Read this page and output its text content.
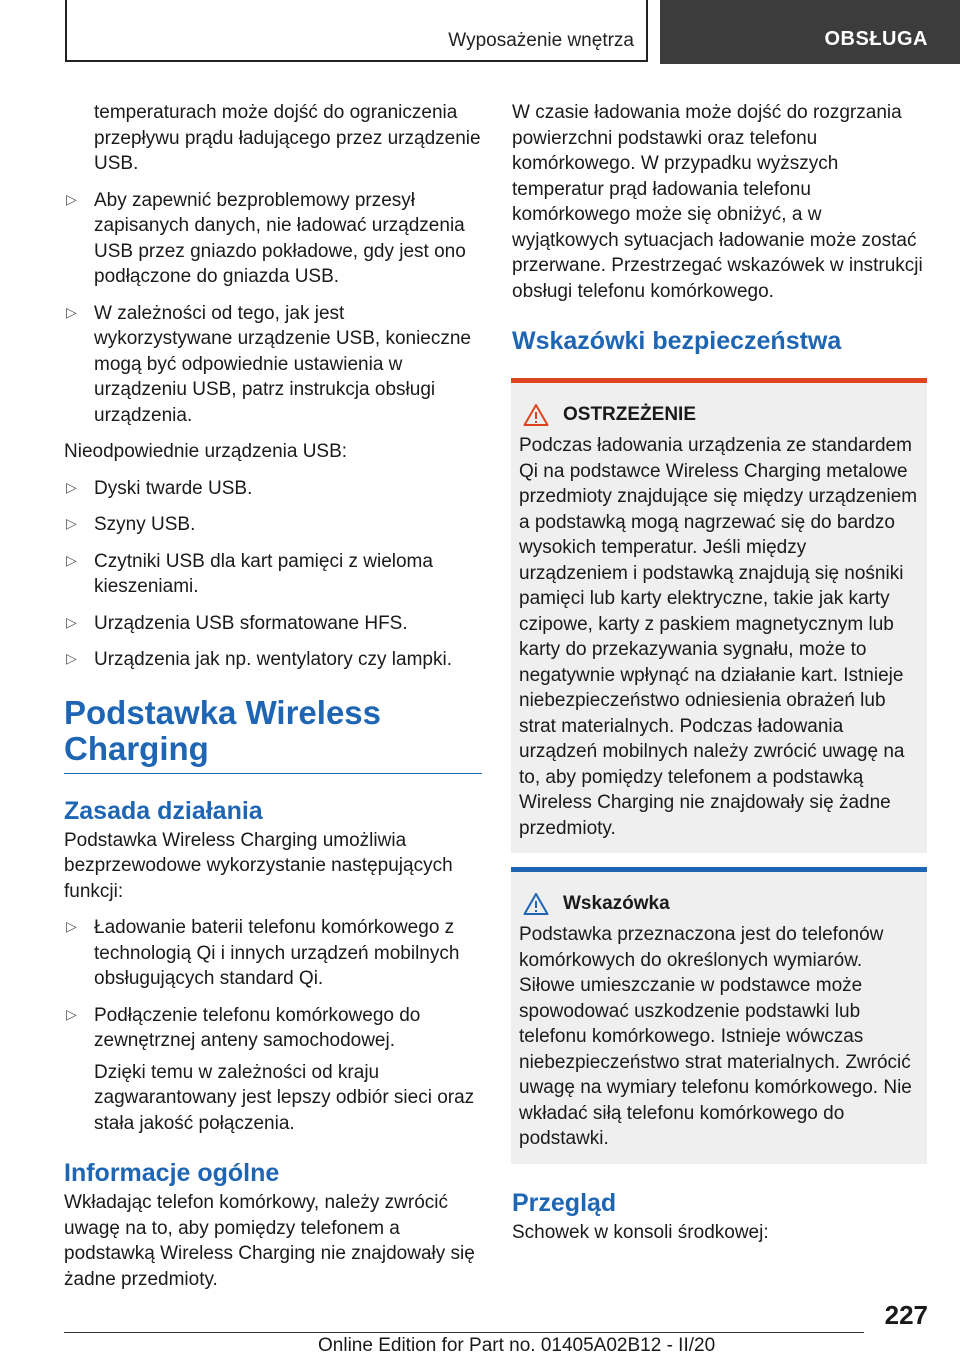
Wyposażenie wnętrza	OBSŁUGA

temperaturach może dojść do ograniczenia przepływu prądu ładującego przez urządzenie USB.

▷ Aby zapewnić bezproblemowy przesył zapisanych danych, nie ładować urządzenia USB przez gniazdo pokładowe, gdy jest ono podłączone do gniazda USB.

▷ W zależności od tego, jak jest wykorzystywane urządzenie USB, konieczne mogą być odpowiednie ustawienia w urządzeniu USB, patrz instrukcja obsługi urządzenia.

Nieodpowiednie urządzenia USB:

▷ Dyski twarde USB.

▷ Szyny USB.

▷ Czytniki USB dla kart pamięci z wieloma kieszeniami.

▷ Urządzenia USB sformatowane HFS.

▷ Urządzenia jak np. wentylatory czy lampki.

Podstawka Wireless Charging
Zasada działania

Podstawka Wireless Charging umożliwia bezprzewodowe wykorzystanie następujących funkcji:

▷ Ładowanie baterii telefonu komórkowego z technologią Qi i innych urządzeń mobilnych obsługujących standard Qi.

▷ Podłączenie telefonu komórkowego do zewnętrznej anteny samochodowej.

Dzięki temu w zależności od kraju zagwarantowany jest lepszy odbiór sieci oraz stała jakość połączenia.

Informacje ogólne

Wkładając telefon komórkowy, należy zwrócić uwagę na to, aby pomiędzy telefonem a podstawką Wireless Charging nie znajdowały się żadne przedmioty.

W czasie ładowania może dojść do rozgrzania powierzchni podstawki oraz telefonu komórkowego. W przypadku wyższych temperatur prąd ładowania telefonu komórkowego może się obniżyć, a w wyjątkowych sytuacjach ładowanie może zostać przerwane. Przestrzegać wskazówek w instrukcji obsługi telefonu komórkowego.

Wskazówki bezpieczeństwa
OSTRZEŻENIE

Podczas ładowania urządzenia ze standardem Qi na podstawce Wireless Charging metalowe przedmioty znajdujące się między urządzeniem a podstawką mogą nagrzewać się do bardzo wysokich temperatur. Jeśli między urządzeniem i podstawką znajdują się nośniki pamięci lub karty elektryczne, takie jak karty czipowe, karty z paskiem magnetycznym lub karty do przekazywania sygnału, może to negatywnie wpłynąć na działanie kart. Istnieje niebezpieczeństwo odniesienia obrażeń lub strat materialnych. Podczas ładowania urządzeń mobilnych należy zwrócić uwagę na to, aby pomiędzy telefonem a podstawką Wireless Charging nie znajdowały się żadne przedmioty.

Wskazówka

Podstawka przeznaczona jest do telefonów komórkowych do określonych wymiarów. Siłowe umieszczanie w podstawce może spowodować uszkodzenie podstawki lub telefonu komórkowego. Istnieje wówczas niebezpieczeństwo strat materialnych. Zwrócić uwagę na wymiary telefonu komórkowego. Nie wkładać siłą telefonu komórkowego do podstawki.

Przegląd

Schowek w konsoli środkowej:

227
Online Edition for Part no. 01405A02B12 - II/20
